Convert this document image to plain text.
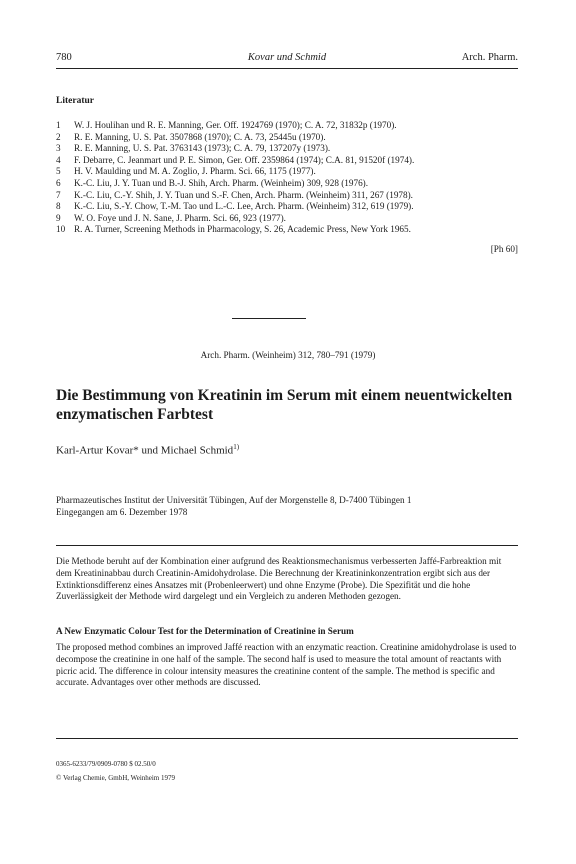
780	Kovar und Schmid	Arch. Pharm.
Literatur
1 W. J. Houlihan und R. E. Manning, Ger. Off. 1924769 (1970); C. A. 72, 31832p (1970).
2 R. E. Manning, U. S. Pat. 3507868 (1970); C. A. 73, 25445u (1970).
3 R. E. Manning, U. S. Pat. 3763143 (1973); C. A. 79, 137207y (1973).
4 F. Debarre, C. Jeanmart und P. E. Simon, Ger. Off. 2359864 (1974); C.A. 81, 91520f (1974).
5 H. V. Maulding und M. A. Zoglio, J. Pharm. Sci. 66, 1175 (1977).
6 K.-C. Liu, J. Y. Tuan und B.-J. Shih, Arch. Pharm. (Weinheim) 309, 928 (1976).
7 K.-C. Liu, C.-Y. Shih, J. Y. Tuan und S.-F. Chen, Arch. Pharm. (Weinheim) 311, 267 (1978).
8 K.-C. Liu, S.-Y. Chow, T.-M. Tao und L.-C. Lee, Arch. Pharm. (Weinheim) 312, 619 (1979).
9 W. O. Foye und J. N. Sane, J. Pharm. Sci. 66, 923 (1977).
10 R. A. Turner, Screening Methods in Pharmacology, S. 26, Academic Press, New York 1965.
[Ph 60]
Arch. Pharm. (Weinheim) 312, 780–791 (1979)
Die Bestimmung von Kreatinin im Serum mit einem neuentwickelten enzymatischen Farbtest
Karl-Artur Kovar* und Michael Schmid$^{1)}$
Pharmazeutisches Institut der Universität Tübingen, Auf der Morgenstelle 8, D-7400 Tübingen 1
Eingegangen am 6. Dezember 1978

Die Methode beruht auf der Kombination einer aufgrund des Reaktionsmechanismus verbesserten Jaffé-Farbreaktion mit dem Kreatininabbau durch Creatinin-Amidohydrolase. Die Berechnung der Kreatininkonzentration ergibt sich aus der Extinktionsdifferenz eines Ansatzes mit (Probenleerwert) und ohne Enzyme (Probe). Die Spezifität und die hohe Zuverlässigkeit der Methode wird dargelegt und ein Vergleich zu anderen Methoden gezogen.

A New Enzymatic Colour Test for the Determination of Creatinine in Serum

The proposed method combines an improved Jaffé reaction with an enzymatic reaction. Creatinine amidohydrolase is used to decompose the creatinine in one half of the sample. The second half is used to measure the total amount of reactants with picric acid. The difference in colour intensity measures the creatinine content of the sample. The method is specific and accurate. Advantages over other methods are discussed.

0365-6233/79/0909-0780 $ 02.50/0
© Verlag Chemie, GmbH, Weinheim 1979
